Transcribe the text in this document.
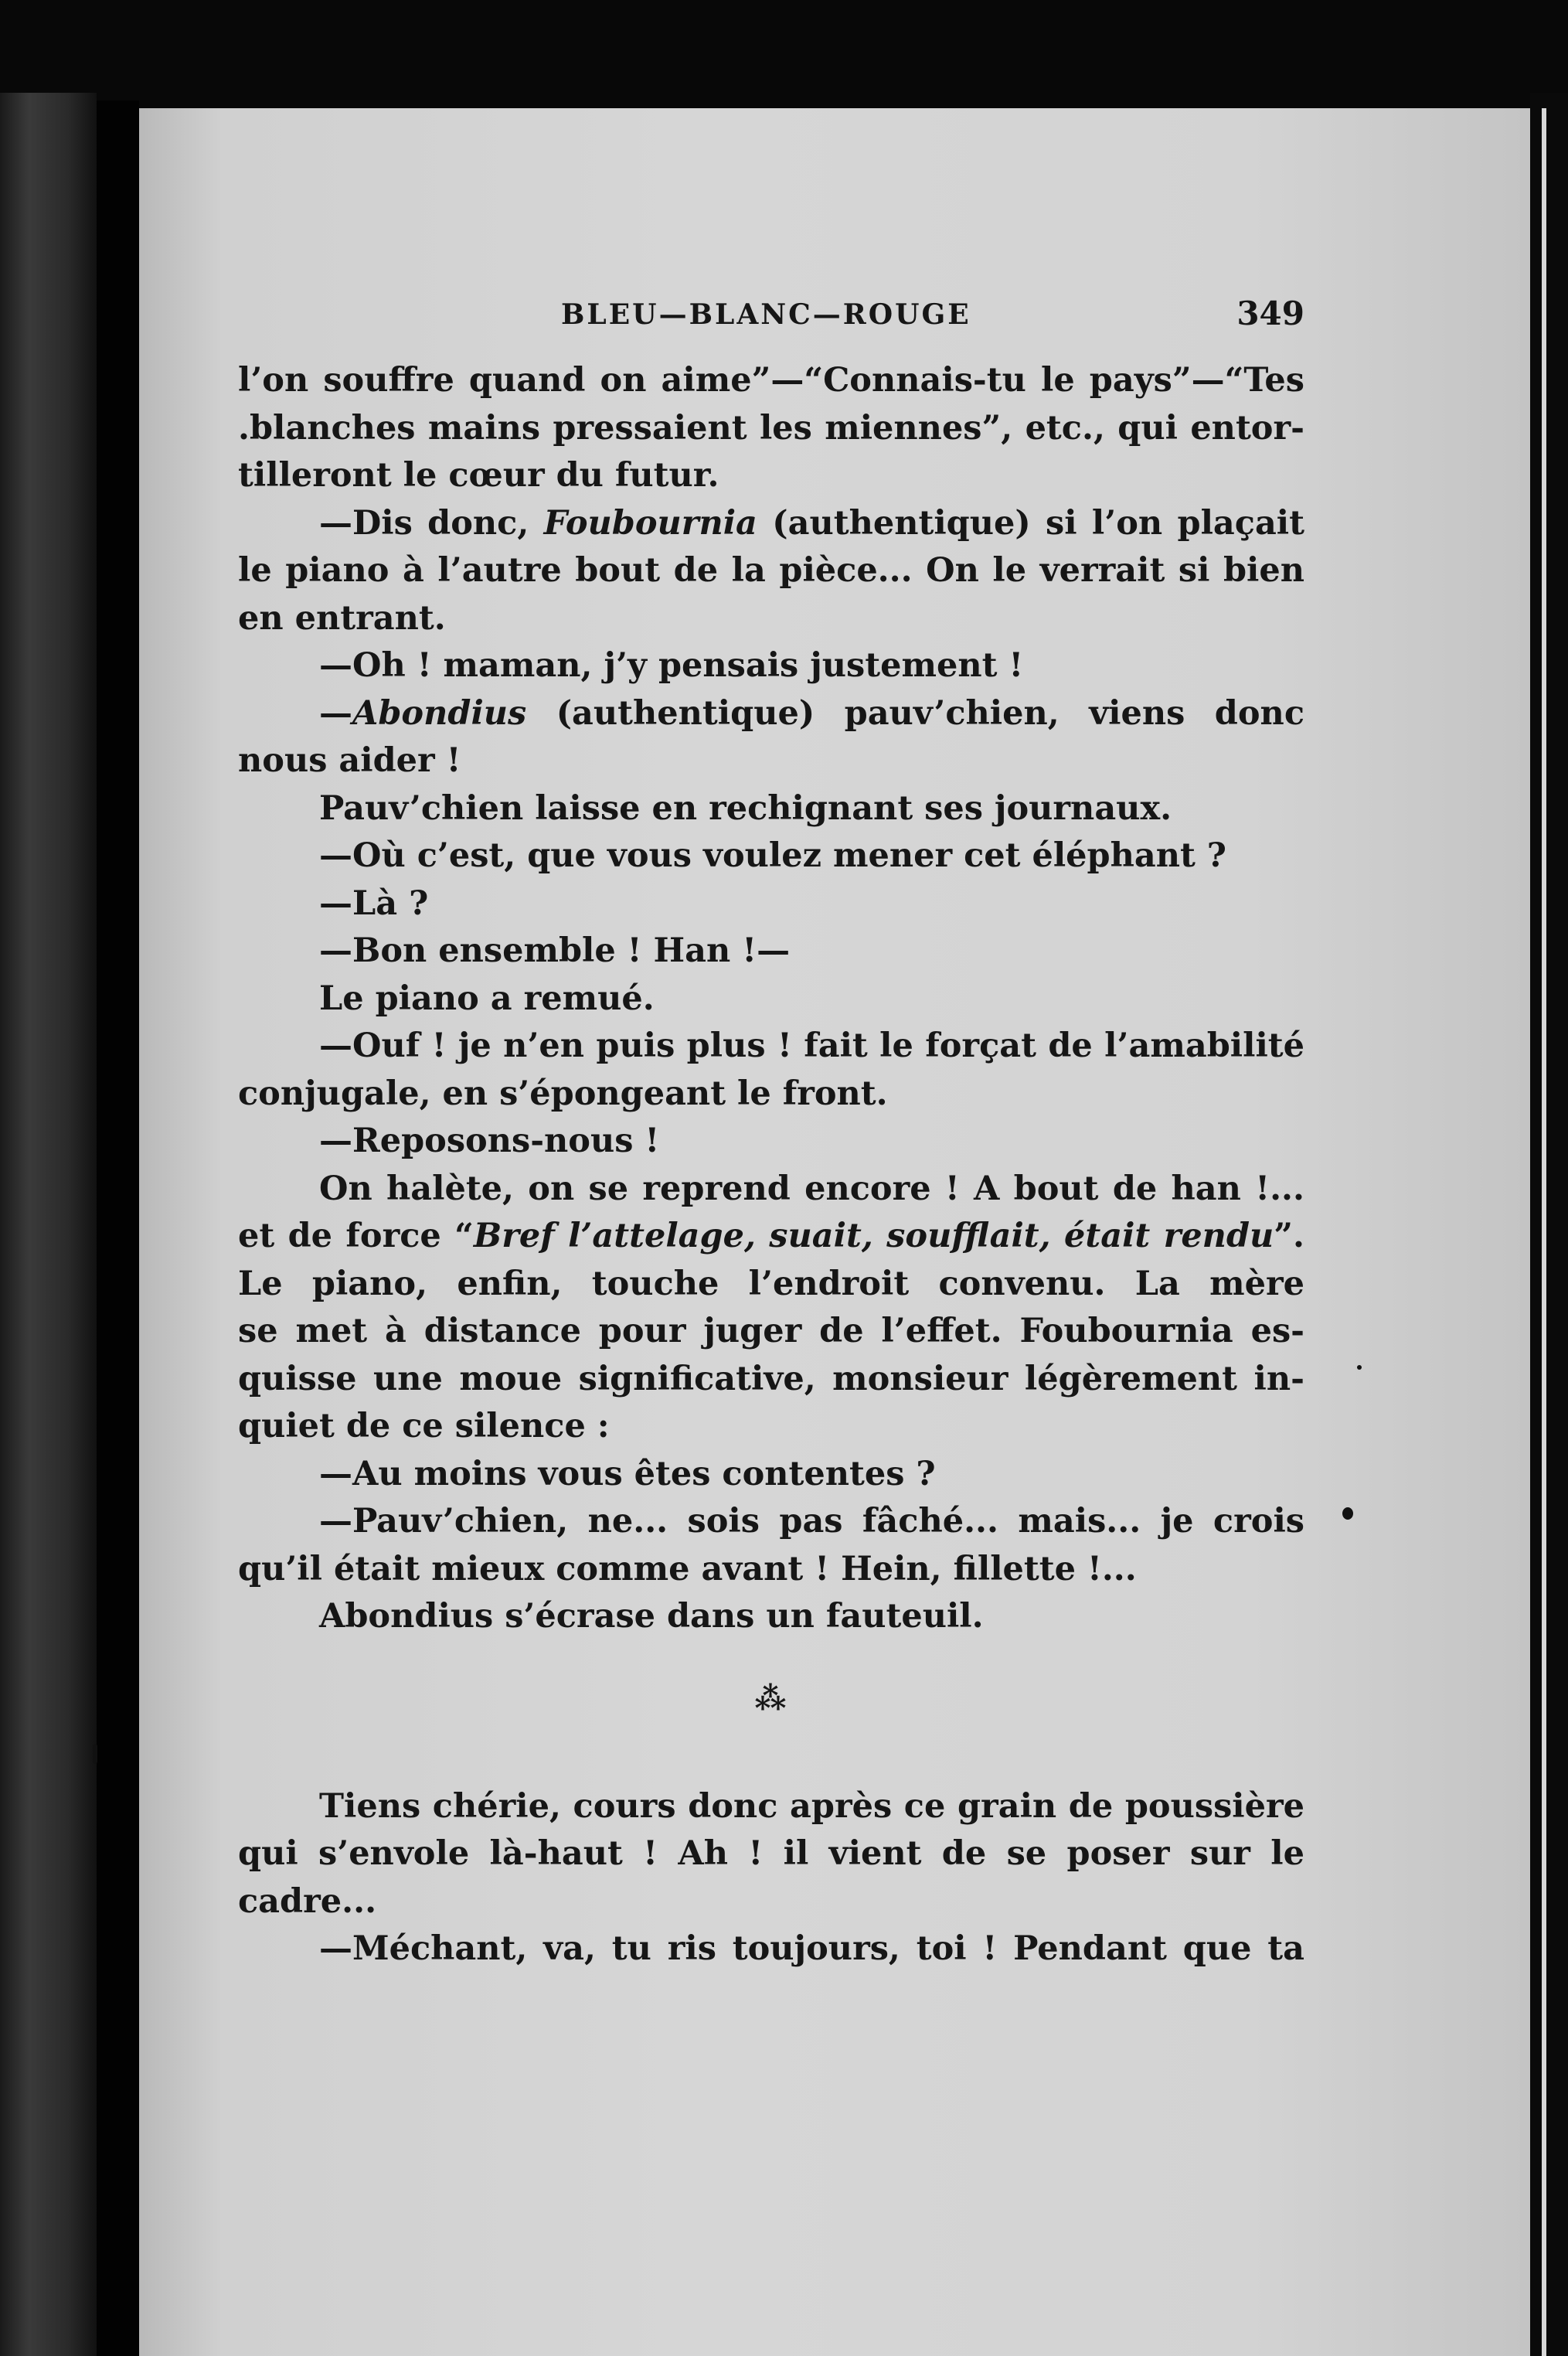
BLEU—BLANC—ROUGE	349
l’on souffre quand on aime”—“Connais-tu le pays”—“Tes
.blanches mains pressaient les miennes”, etc., qui entor-
tilleront le cœur du futur.
—Dis donc, Foubournia (authentique) si l’on plaçait
le piano à l’autre bout de la pièce... On le verrait si bien
en entrant.
—Oh ! maman, j’y pensais justement !
—Abondius (authentique) pauv’chien, viens donc
nous aider !
Pauv’chien laisse en rechignant ses journaux.
—Où c’est, que vous voulez mener cet éléphant ?
—Là ?
—Bon ensemble ! Han !—
Le piano a remué.
—Ouf ! je n’en puis plus ! fait le forçat de l’amabilité
conjugale, en s’épongeant le front.
—Reposons-nous !
On halète, on se reprend encore ! A bout de han !...
et de force “Bref l’attelage, suait, soufflait, était rendu”.
Le piano, enfin, touche l’endroit convenu. La mère
se met à distance pour juger de l’effet. Foubournia es-
quisse une moue significative, monsieur légèrement in-
quiet de ce silence :
—Au moins vous êtes contentes ?
—Pauv’chien, ne... sois pas fâché... mais... je crois
qu’il était mieux comme avant ! Hein, fillette !...
Abondius s’écrase dans un fauteuil.
⁂
Tiens chérie, cours donc après ce grain de poussière
qui s’envole là-haut ! Ah ! il vient de se poser sur le
cadre...
—Méchant, va, tu ris toujours, toi ! Pendant que ta
